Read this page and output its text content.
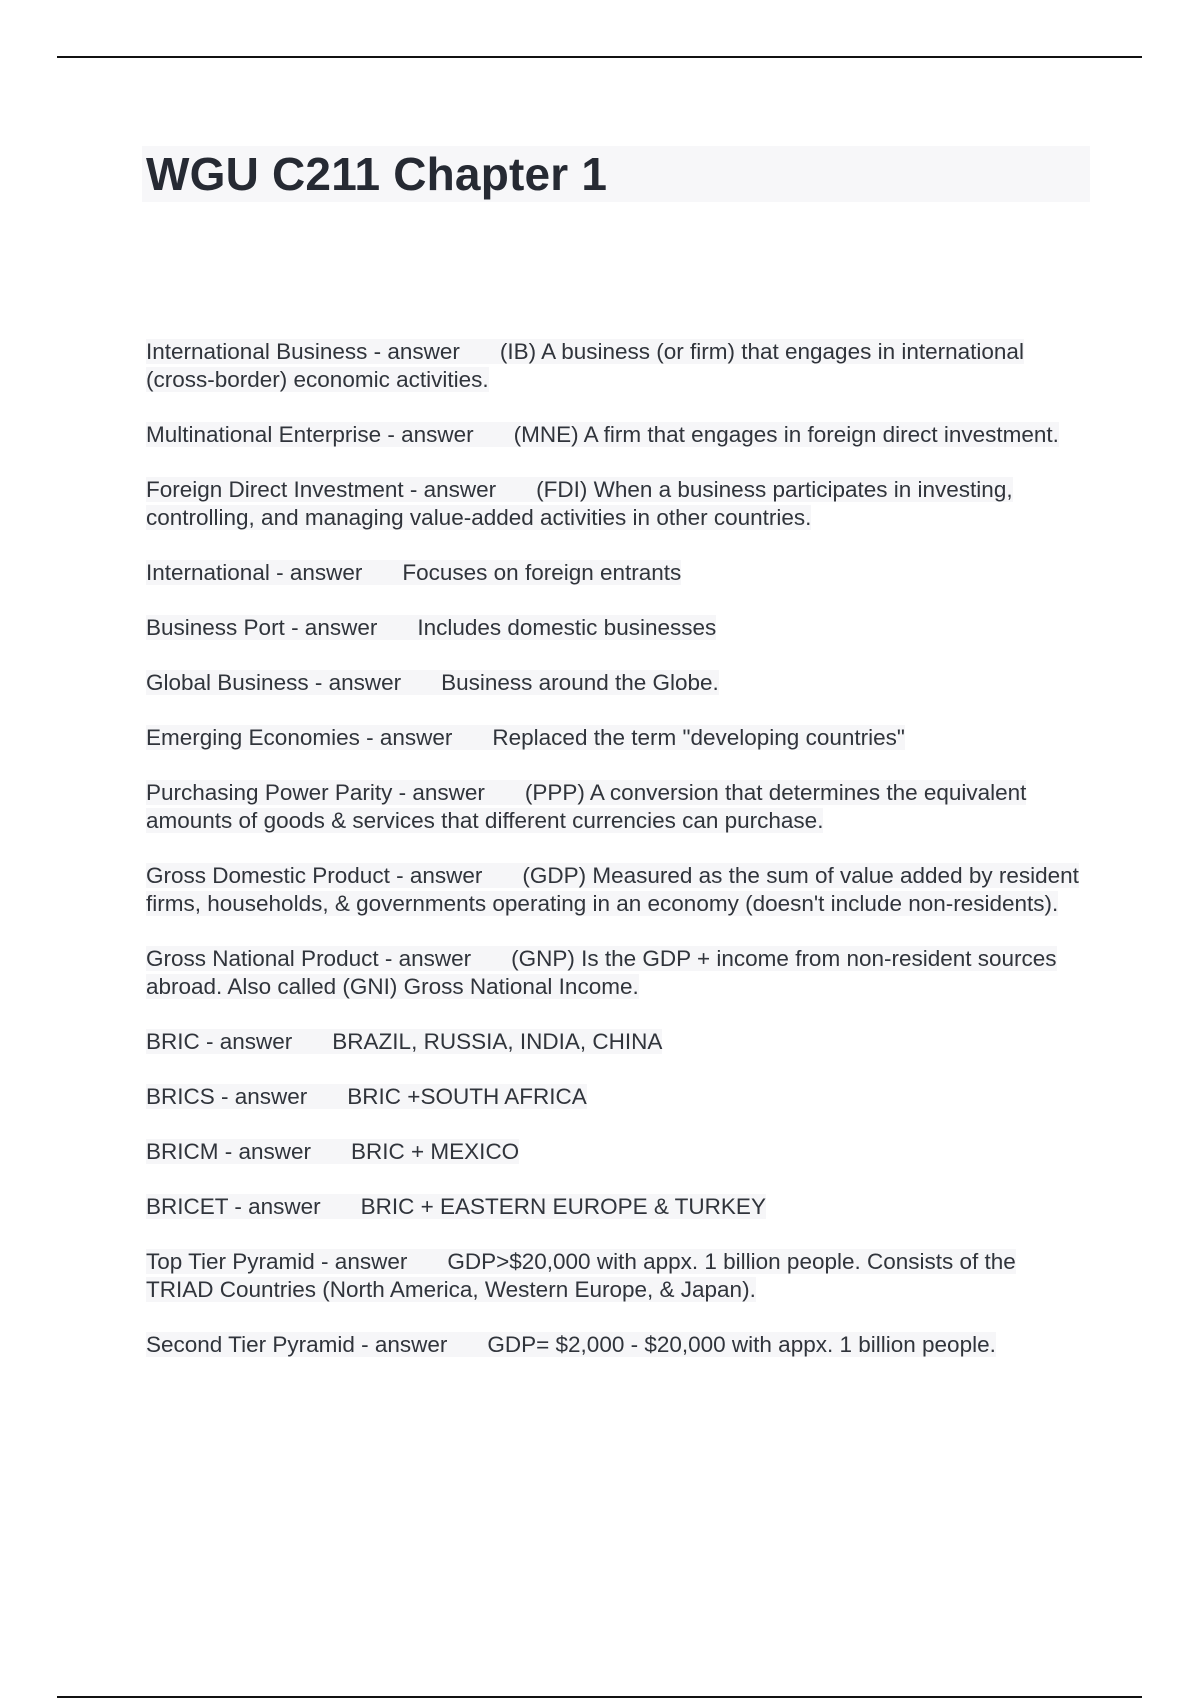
WGU C211 Chapter 1

International Business - answer (IB) A business (or firm) that engages in international (cross-border) economic activities.

Multinational Enterprise - answer (MNE) A firm that engages in foreign direct investment.

Foreign Direct Investment - answer (FDI) When a business participates in investing, controlling, and managing value-added activities in other countries.

International - answer Focuses on foreign entrants

Business Port - answer Includes domestic businesses

Global Business - answer Business around the Globe.

Emerging Economies - answer Replaced the term "developing countries"

Purchasing Power Parity - answer (PPP) A conversion that determines the equivalent amounts of goods & services that different currencies can purchase.

Gross Domestic Product - answer (GDP) Measured as the sum of value added by resident firms, households, & governments operating in an economy (doesn't include non-residents).

Gross National Product - answer (GNP) Is the GDP + income from non-resident sources abroad. Also called (GNI) Gross National Income.

BRIC - answer BRAZIL, RUSSIA, INDIA, CHINA

BRICS - answer BRIC +SOUTH AFRICA

BRICM - answer BRIC + MEXICO

BRICET - answer BRIC + EASTERN EUROPE & TURKEY

Top Tier Pyramid - answer GDP>$20,000 with appx. 1 billion people. Consists of the TRIAD Countries (North America, Western Europe, & Japan).

Second Tier Pyramid - answer GDP= $2,000 - $20,000 with appx. 1 billion people.
